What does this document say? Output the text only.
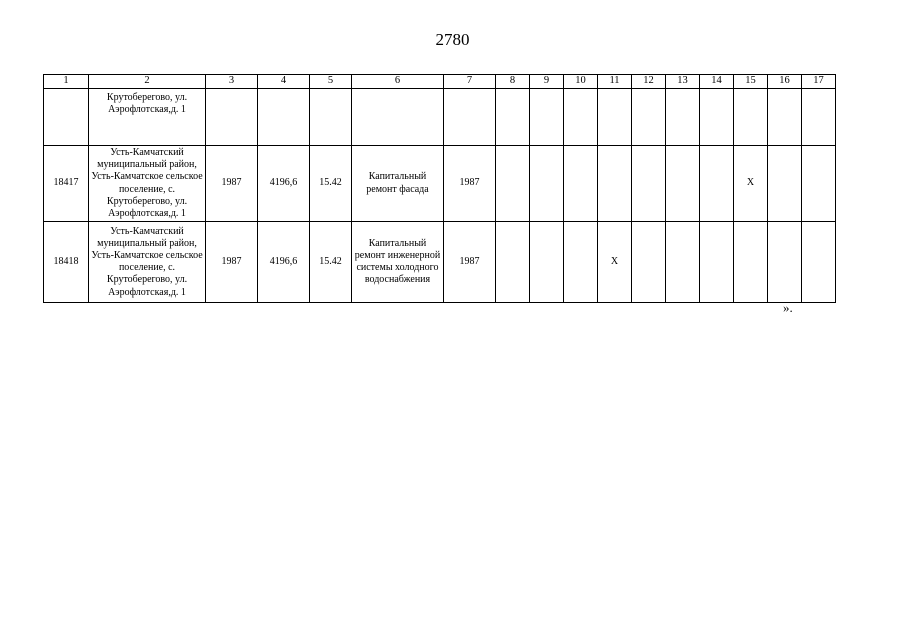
2780
1	2	3	4	5	6	7	8	9	10	11	12	13	14	15	16	17
	Крутоберегово, ул. Аэрофлотская,д. 1															
18417	Усть-Камчатский муниципальный район, Усть-Камчатское сельское поселение, с. Крутоберегово, ул. Аэрофлотская,д. 1	1987	4196,6	15.42	Капитальный ремонт фасада	1987								Х		
18418	Усть-Камчатский муниципальный район, Усть-Камчатское сельское поселение, с. Крутоберегово, ул. Аэрофлотская,д. 1	1987	4196,6	15.42	Капитальный ремонт инженерной системы холодного водоснабжения	1987				Х						
».
